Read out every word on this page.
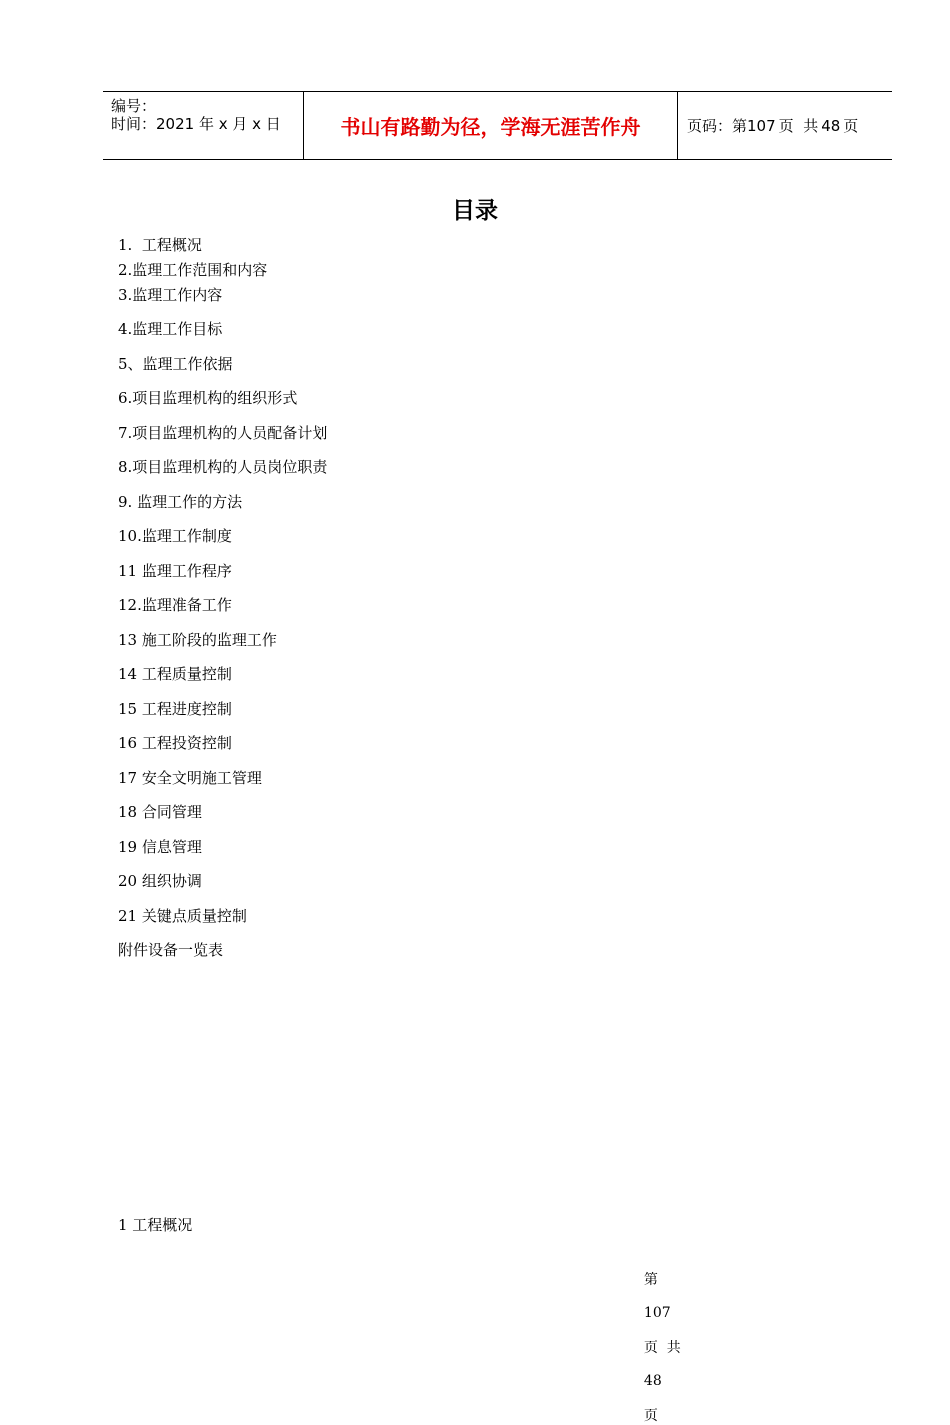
编号：
时间：2021 年 x 月 x 日	书山有路勤为径，学海无涯苦作舟	页码：第 107
  页  共
  48
  页
目录
1.  工程概况
2.监理工作范围和内容
3.监理工作内容
4.监理工作目标
5、监理工作依据
6.项目监理机构的组织形式
7.项目监理机构的人员配备计划
8.项目监理机构的人员岗位职责
9. 监理工作的方法
10.监理工作制度
11 监理工作程序
12.监理准备工作
13 施工阶段的监理工作
14 工程质量控制
15 工程进度控制
16 工程投资控制
17 安全文明施工管理
18 合同管理
19 信息管理
20 组织协调
21 关键点质量控制
附件设备一览表
1 工程概况

第

107

页  共

48

页
